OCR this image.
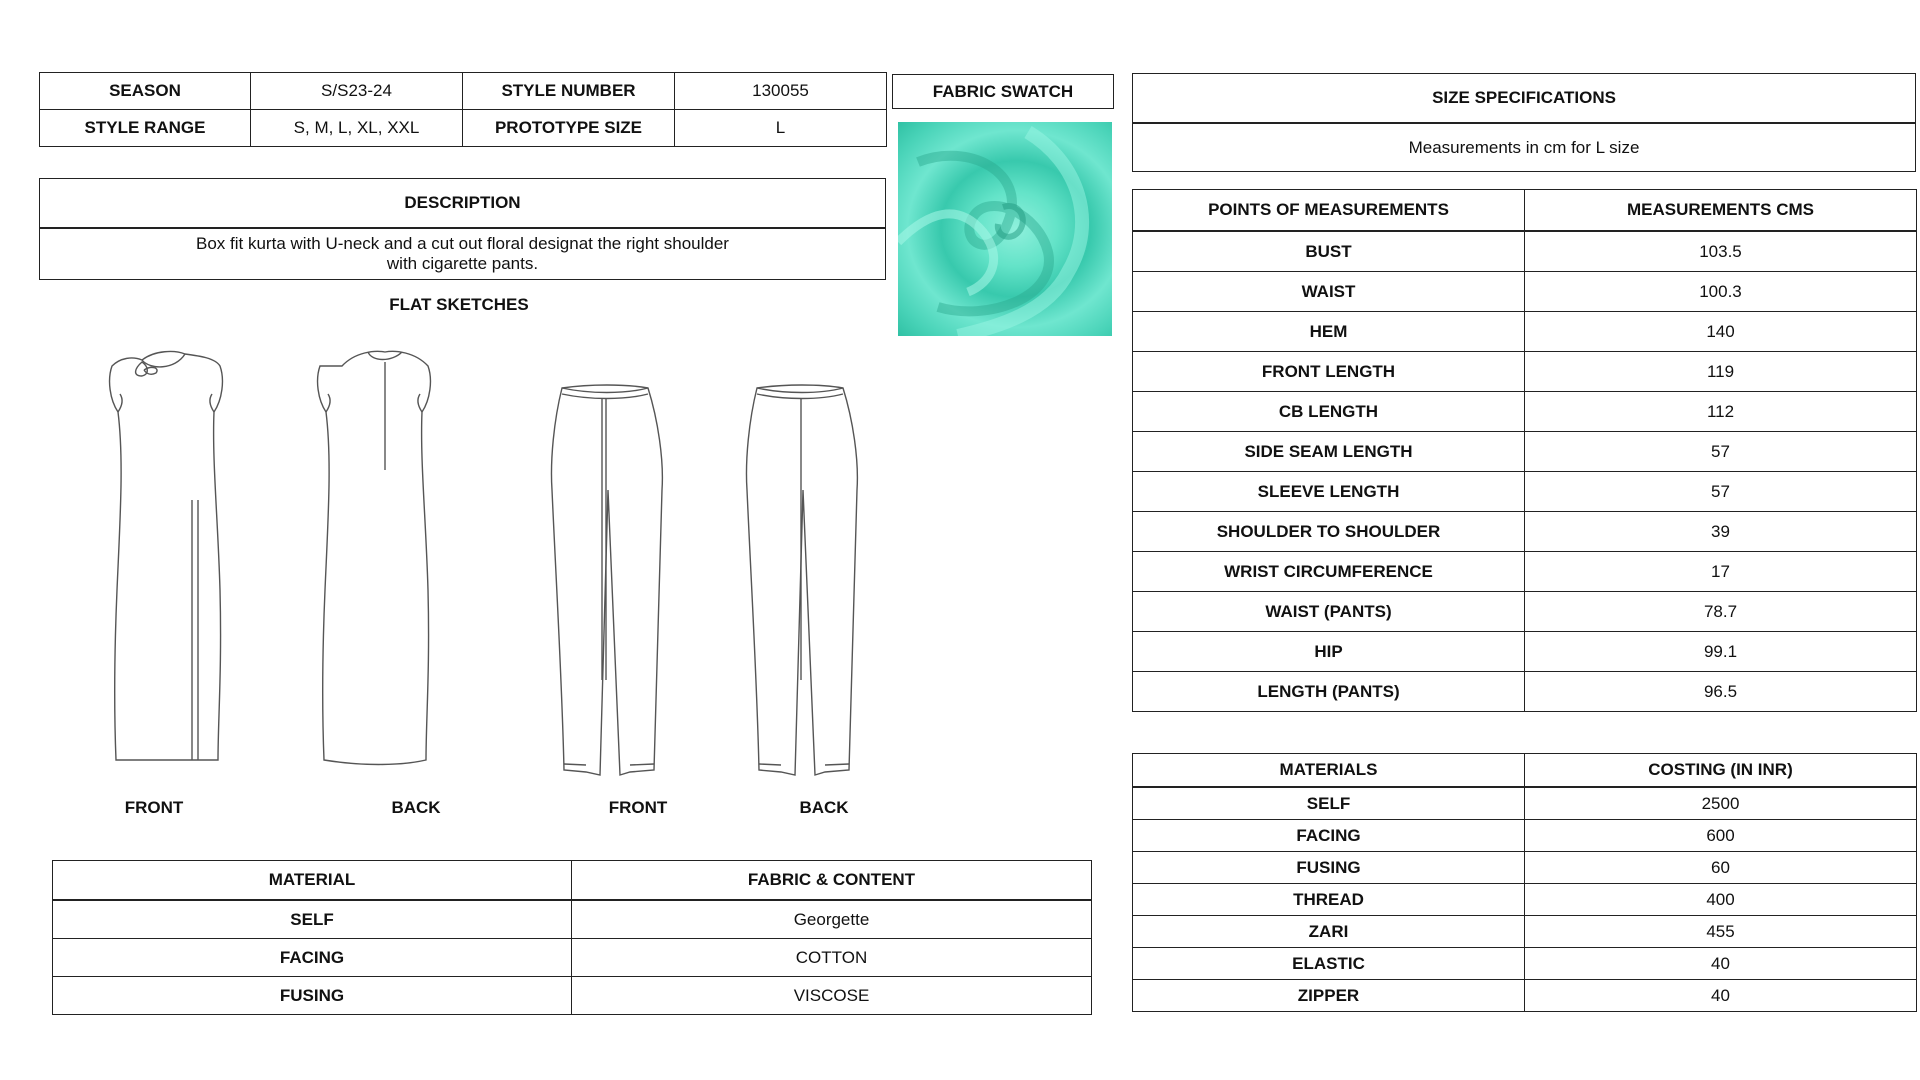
SEASON	S/S23-24	STYLE NUMBER	130055
STYLE RANGE	S, M, L, XL, XXL	PROTOTYPE SIZE	L
FABRIC SWATCH
DESCRIPTION
Box fit kurta with U-neck and a cut out floral designat the right shoulder
with cigarette pants.
FLAT SKETCHES
FRONT	BACK	FRONT	BACK
MATERIAL	FABRIC & CONTENT
SELF	Georgette
FACING	COTTON
FUSING	VISCOSE
SIZE SPECIFICATIONS
Measurements in cm for L size
POINTS OF MEASUREMENTS	MEASUREMENTS CMS
BUST	103.5
WAIST	100.3
HEM	140
FRONT LENGTH	119
CB LENGTH	112
SIDE SEAM LENGTH	57
SLEEVE LENGTH	57
SHOULDER TO SHOULDER	39
WRIST CIRCUMFERENCE	17
WAIST (PANTS)	78.7
HIP	99.1
LENGTH (PANTS)	96.5
MATERIALS	COSTING (IN INR)
SELF	2500
FACING	600
FUSING	60
THREAD	400
ZARI	455
ELASTIC	40
ZIPPER	40
